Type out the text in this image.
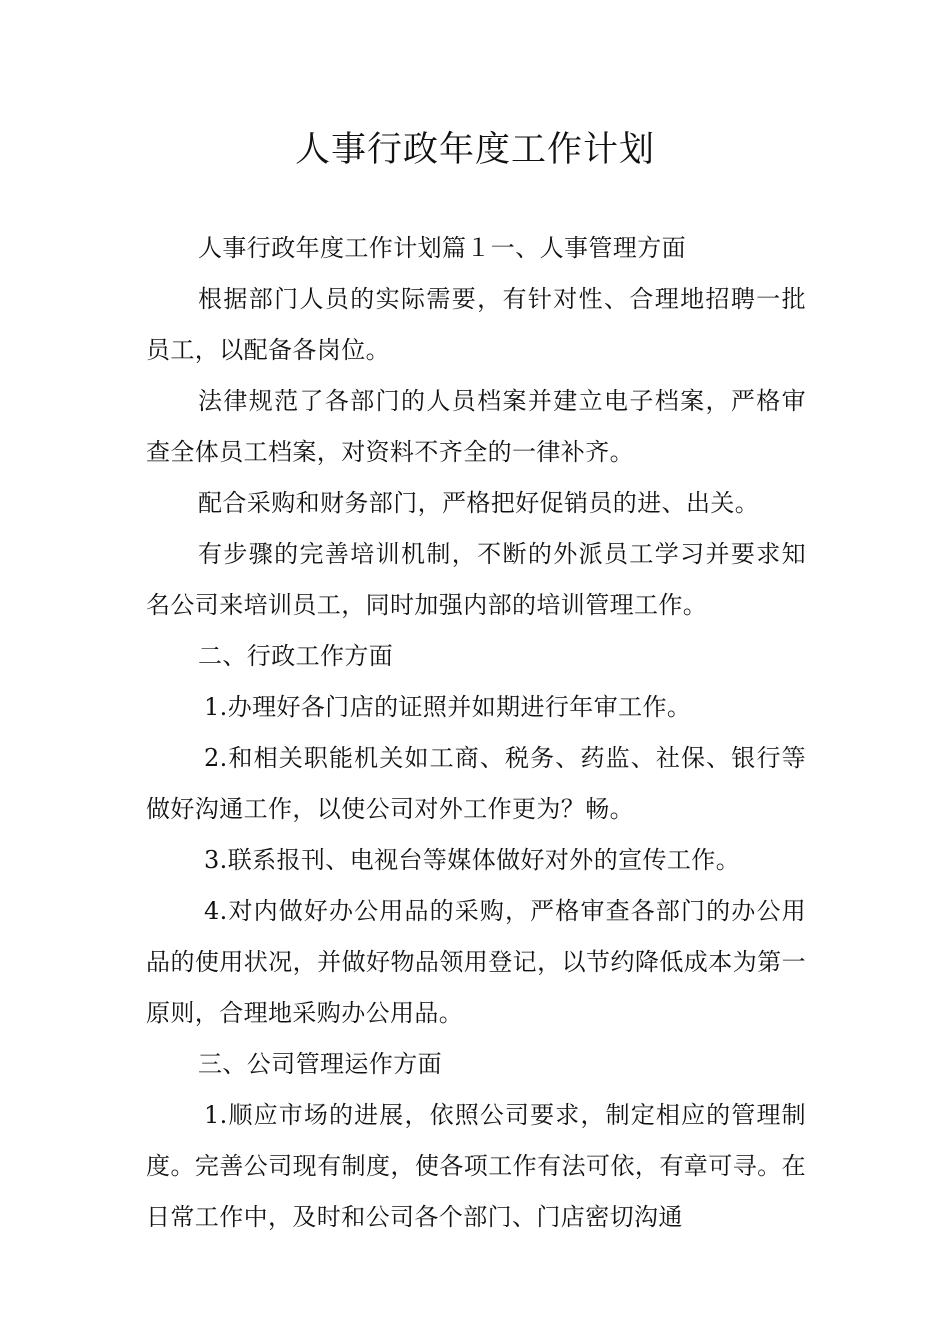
人事行政年度工作计划

人事行政年度工作计划篇１一、人事管理方面

根据部门人员的实际需要，有针对性、合理地招聘一批员工，以配备各岗位。

法律规范了各部门的人员档案并建立电子档案，严格审查全体员工档案，对资料不齐全的一律补齐。

配合采购和财务部门，严格把好促销员的进、出关。

有步骤的完善培训机制，不断的外派员工学习并要求知名公司来培训员工，同时加强内部的培训管理工作。

二、行政工作方面

1.办理好各门店的证照并如期进行年审工作。

2.和相关职能机关如工商、税务、药监、社保、银行等做好沟通工作，以使公司对外工作更为？畅。

3.联系报刊、电视台等媒体做好对外的宣传工作。

4.对内做好办公用品的采购，严格审查各部门的办公用品的使用状况，并做好物品领用登记，以节约降低成本为第一原则，合理地采购办公用品。

三、公司管理运作方面

1.顺应市场的进展，依照公司要求，制定相应的管理制度。完善公司现有制度，使各项工作有法可依，有章可寻。在日常工作中，及时和公司各个部门、门店密切沟通
